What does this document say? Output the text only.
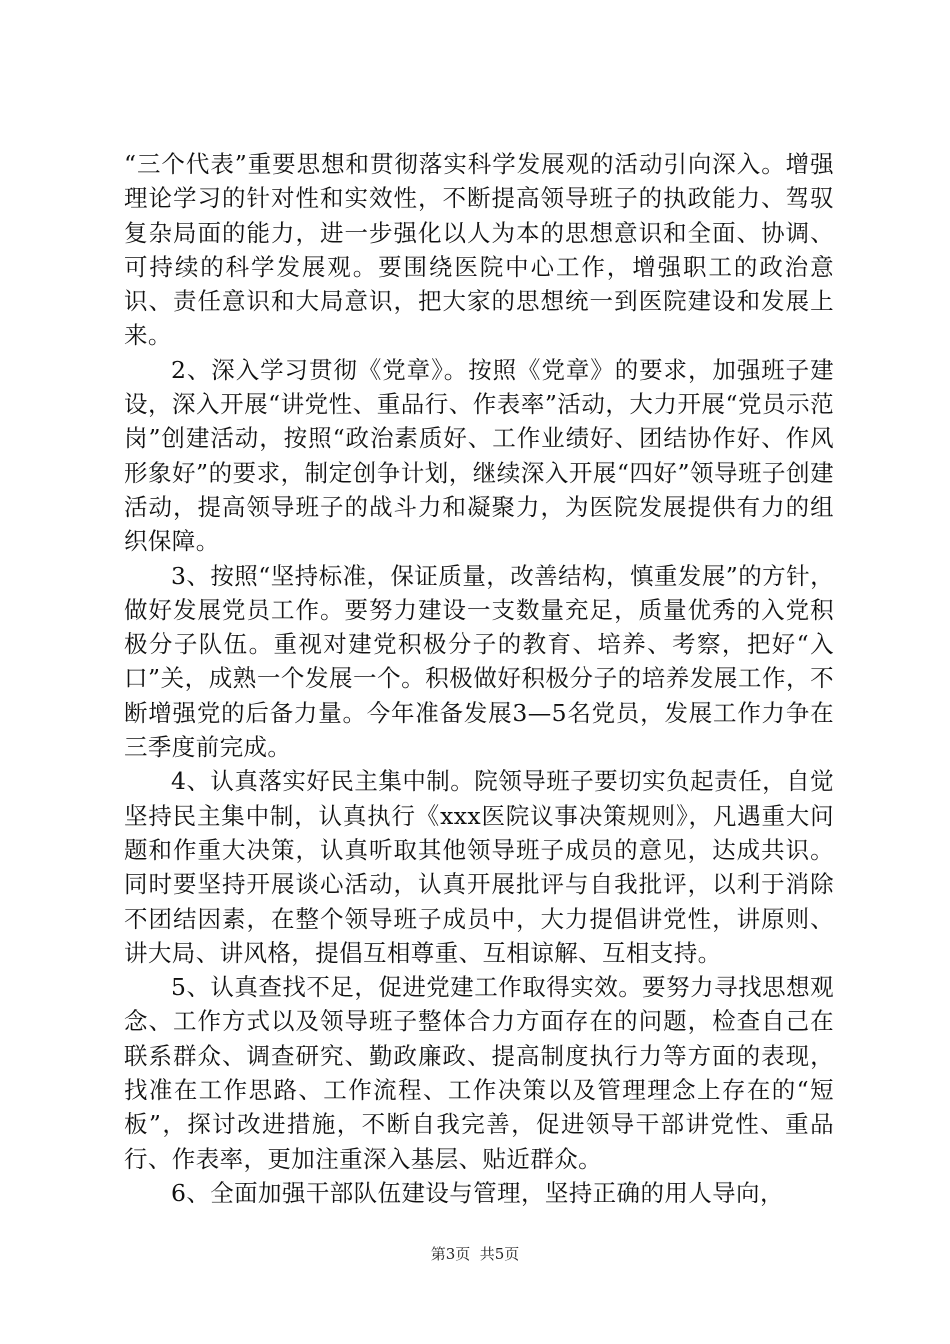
“三个代表”重要思想和贯彻落实科学发展观的活动引向深入。增强理论学习的针对性和实效性，不断提高领导班子的执政能力、驾驭复杂局面的能力，进一步强化以人为本的思想意识和全面、协调、可持续的科学发展观。要围绕医院中心工作，增强职工的政治意识、责任意识和大局意识，把大家的思想统一到医院建设和发展上来。

2、深入学习贯彻《党章》。按照《党章》的要求，加强班子建设，深入开展“讲党性、重品行、作表率”活动，大力开展“党员示范岗”创建活动，按照“政治素质好、工作业绩好、团结协作好、作风形象好”的要求，制定创争计划，继续深入开展“四好”领导班子创建活动，提高领导班子的战斗力和凝聚力，为医院发展提供有力的组织保障。

3、按照“坚持标准，保证质量，改善结构，慎重发展”的方针，做好发展党员工作。要努力建设一支数量充足，质量优秀的入党积极分子队伍。重视对建党积极分子的教育、培养、考察，把好“入口”关，成熟一个发展一个。积极做好积极分子的培养发展工作，不断增强党的后备力量。今年准备发展3—5名党员，发展工作力争在三季度前完成。

4、认真落实好民主集中制。院领导班子要切实负起责任，自觉坚持民主集中制，认真执行《xxx医院议事决策规则》，凡遇重大问题和作重大决策，认真听取其他领导班子成员的意见，达成共识。同时要坚持开展谈心活动，认真开展批评与自我批评，以利于消除不团结因素，在整个领导班子成员中，大力提倡讲党性，讲原则、讲大局、讲风格，提倡互相尊重、互相谅解、互相支持。

5、认真查找不足，促进党建工作取得实效。要努力寻找思想观念、工作方式以及领导班子整体合力方面存在的问题，检查自己在联系群众、调查研究、勤政廉政、提高制度执行力等方面的表现，找准在工作思路、工作流程、工作决策以及管理理念上存在的“短板”，探讨改进措施，不断自我完善，促进领导干部讲党性、重品行、作表率，更加注重深入基层、贴近群众。

6、全面加强干部队伍建设与管理，坚持正确的用人导向，

第3页  共5页
